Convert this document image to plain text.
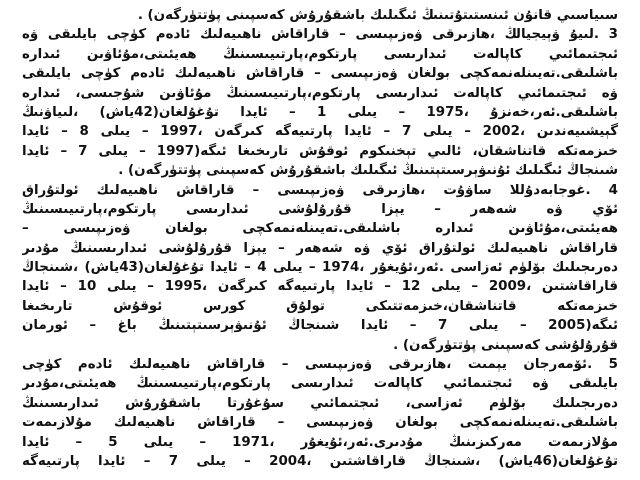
سىياسىي قانۇن ئىنستىتۇتىنىڭ ئىگىلىك باشقۇرۇش كەسپىنى پۈتتۈرگەن) .
3 .لىيۇ ۋېيجيالڭ ،ھازىرقى ۋەزىپىسى – قاراقاش ناھىيەلىك ئادەم كۈچى بايلىقى ۋە
ئىجتىمائىي كاپالەت ئىدارىسى پارتكوم،پارتىيىسىنىڭ ھەيئىتى،مۇئاۋىن ئىدارە
باشلىقى.تەيىنلەنمەكچى بولغان ۋەزىپىسى – قاراقاش ناھىيەلىك ئادەم كۈچى بايلىقى
ۋە ئىجتىمائىي كاپالەت ئىدارىسى پارتكوم،پارتىيىسىنىڭ مۇئاۋىن شۇجىسى، ئىدارە
باشلىقى.ئەر،خەنزۇ ،1975 – يىلى 1 – ئايدا تۇغۇلغان(42ياش) ،لىياۋنىڭ
گېيشىيەندىن ،2002 – يىلى 7 – ئايدا پارتىيەگە كىرگەن ،1997 – يىلى 8 – ئايدا
خىزمەتكە قاتناشقان، ئالىي تېخنىكوم ئوقۇش تارىخىغا ئىگە(1997 – يىلى 7 – ئايدا
شىنجاڭ ئىگىلىك ئۇنىۋېرسىتېتىنىڭ ئىگىلىك باشقۇرۇش كەسپىنى پۈتتۈرگەن) .
4 .غوجابەدۇللا ساۋۇت ،ھازىرقى ۋەزىپىسى – قاراقاش ناھىيەلىك ئولتۇراق
ئۆي ۋە شەھەر – يېزا قۇرۇلۇشى ئىدارىسى پارتكوم،پارتىيىسىنىڭ
ھەيئىتى،مۇئاۋىن ئىدارە باشلىقى.تەيىنلەنمەكچى بولغان ۋەزىپىسى –
قاراقاش ناھىيەلىك ئولتۇراق ئۆي ۋە شەھەر – يېزا قۇرۇلۇشى ئىدارىسىنىڭ مۇدىر
دەرىجىلىك بۆلۈم ئەزاسى .ئەر،ئۇيغۇر ،1974 – يىلى 4 – ئايدا تۇغۇلغان(43ياش) ،شىنجاڭ
قاراقاشتىن ،2009 – يىلى 12 – ئايدا پارتىيەگە كىرگەن ،1995 – يىلى 10 – ئايدا
خىزمەتكە قاتناشقان،خىزمەتتىكى تولۇق كورس ئوقۇش تارىخىغا
ئىگە(2005 – يىلى 7 – ئايدا شىنجاڭ ئۇنىۋېرسىتېتىنىڭ باغ – ئورمان
قۇرۇلۇشى كەسپىنى پۈتتۈرگەن) .
5 .ئۆمەرجان يېمىت ،ھازىرقى ۋەزىپىسى – قاراقاش ناھىيەلىك ئادەم كۈچى
بايلىقى ۋە ئىجتىمائىي كاپالەت ئىدارىسى پارتكوم،پارتىيىسىنىڭ ھەيئىتى،مۇدىر
دەرىجىلىك بۆلۈم ئەزاسى، ئىجتىمائىي سۇغۇرتا باشقۇرۇش ئىدارىسىنىڭ
باشلىقى.تەيىنلەنمەكچى بولغان ۋەزىپىسى – قاراقاش ناھىيەلىك مۇلازىمەت
مۇلازىمەت مەركىزىنىڭ مۇدىرى.ئەر،ئۇيغۇر ،1971 – يىلى 5 – ئايدا
تۇغۇلغان(46ياش) ،شىنجاڭ قاراقاشتىن ،2004 – يىلى 7 – ئايدا پارتىيەگە
